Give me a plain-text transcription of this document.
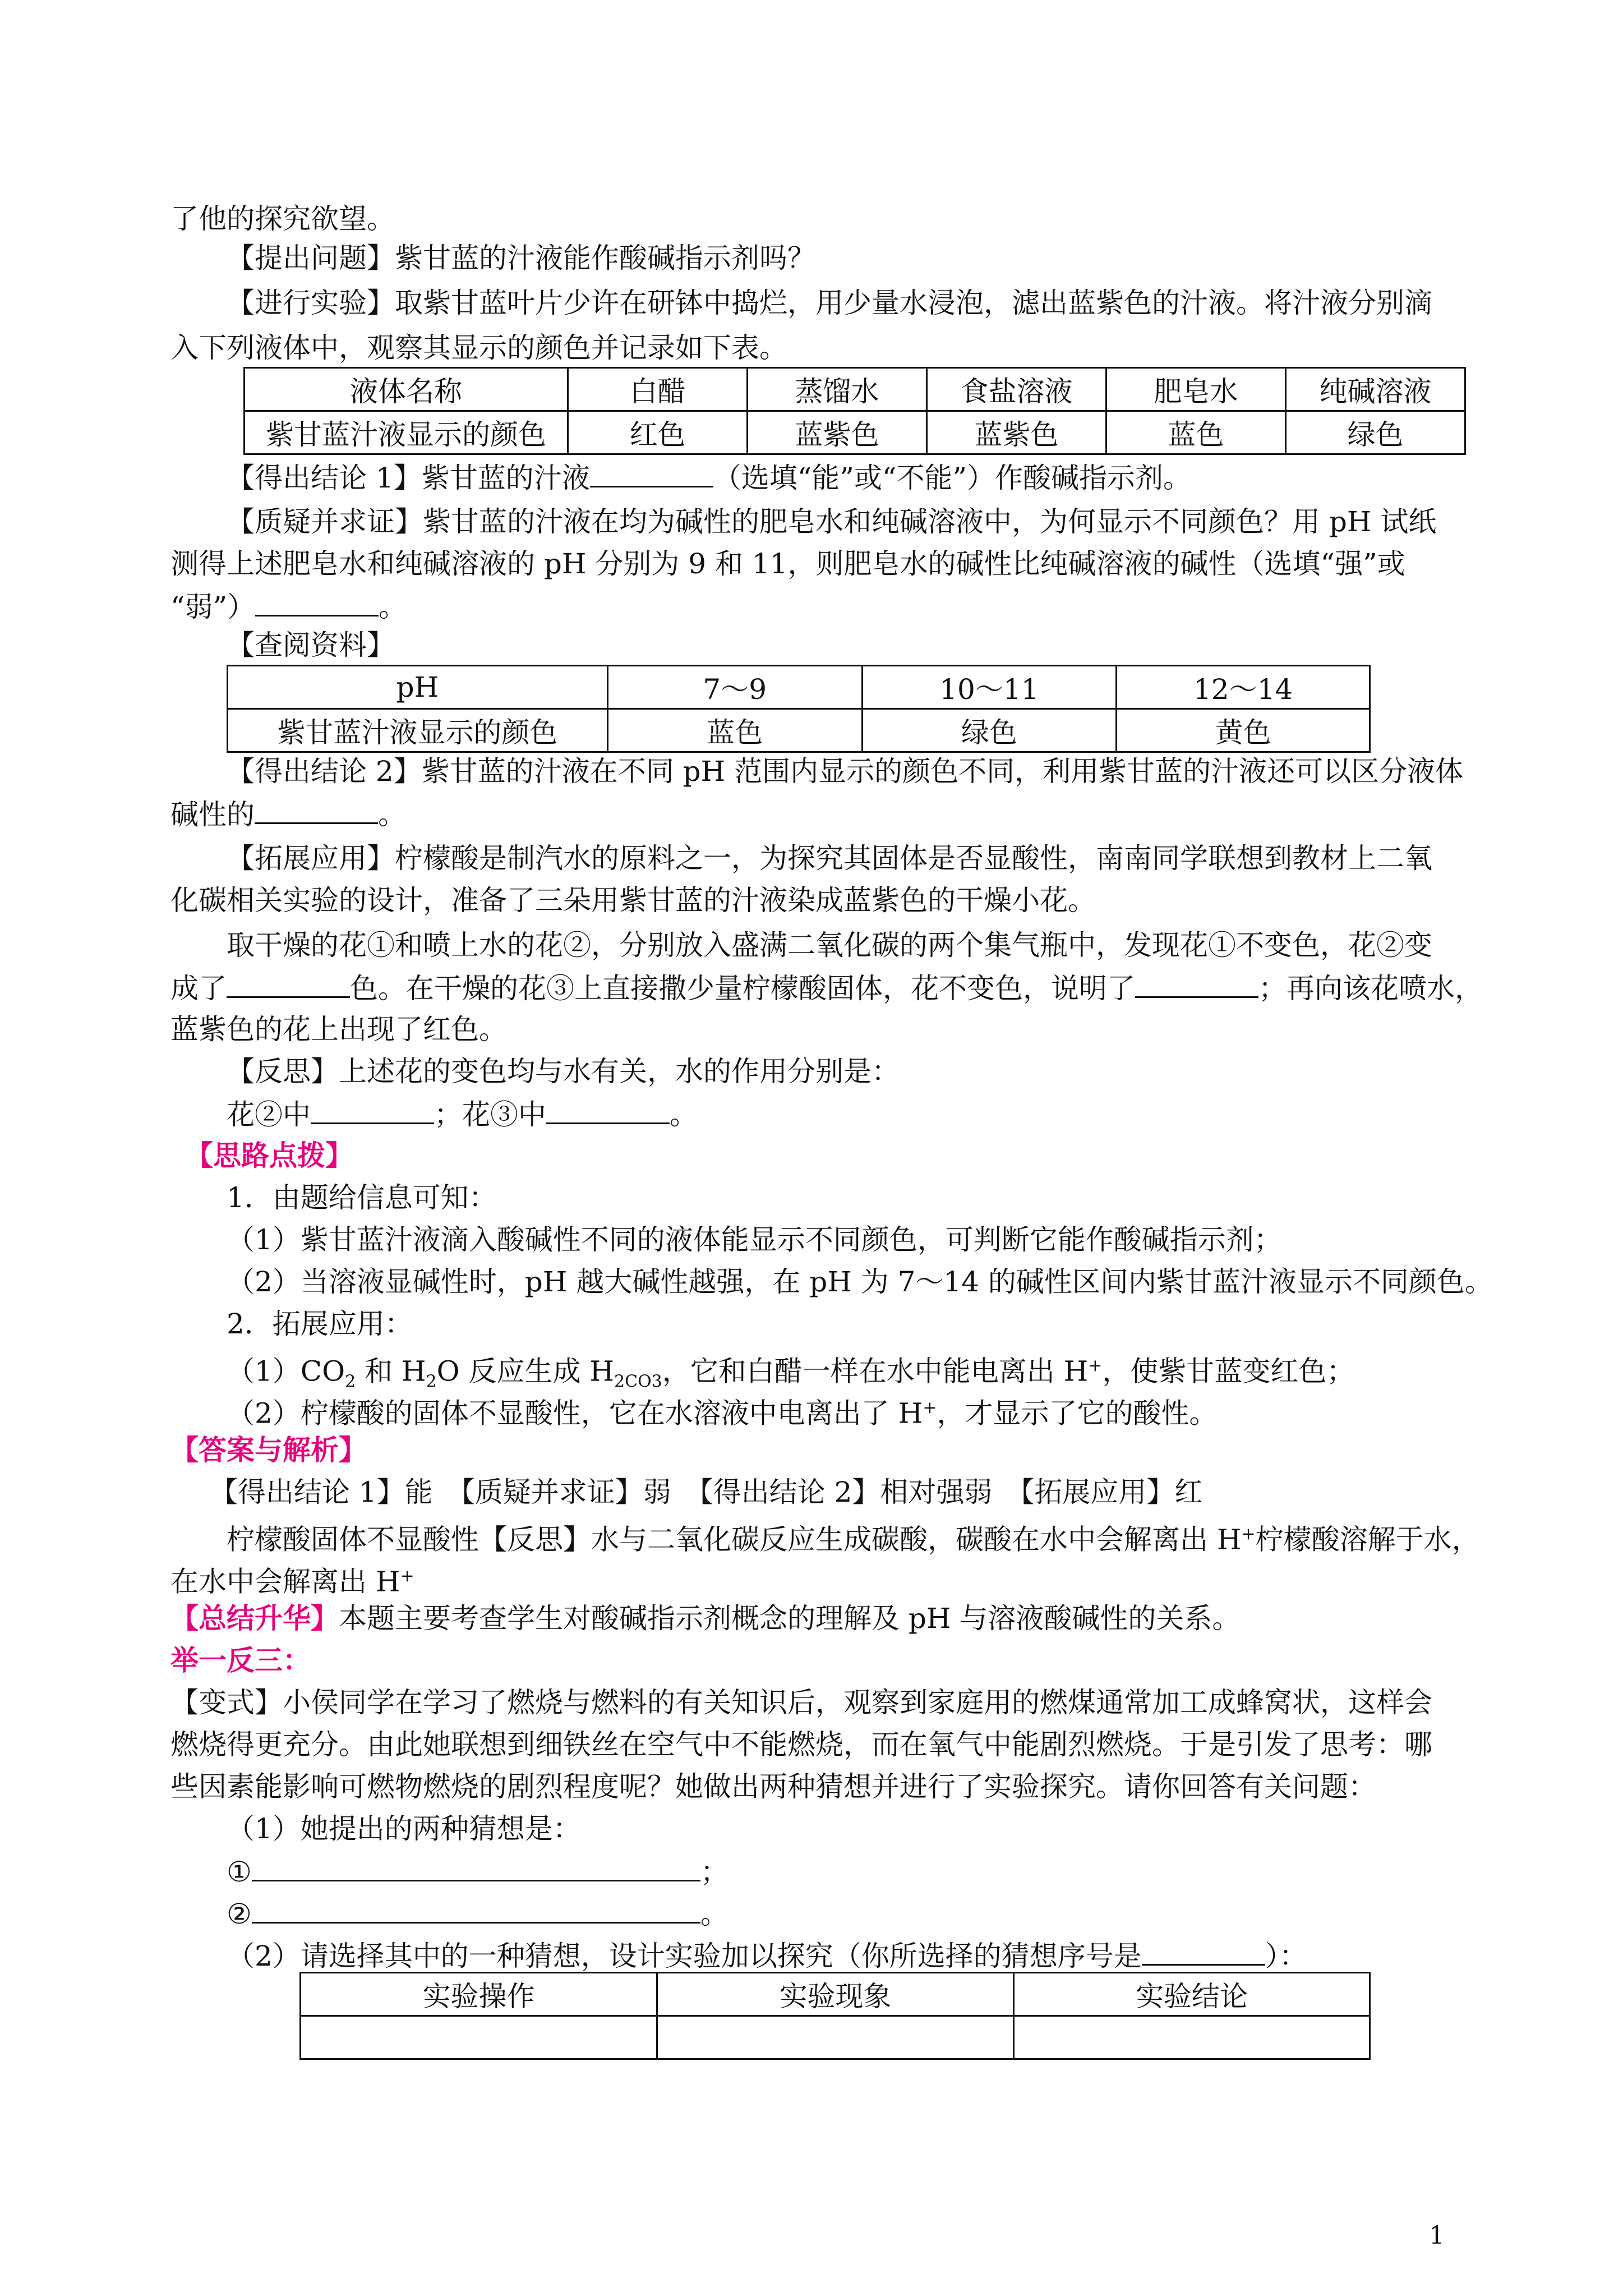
了他的探究欲望。
【提出问题】紫甘蓝的汁液能作酸碱指示剂吗？
【进行实验】取紫甘蓝叶片少许在研钵中捣烂，用少量水浸泡，滤出蓝紫色的汁液。将汁液分别滴
入下列液体中，观察其显示的颜色并记录如下表。
液体名称	白醋	蒸馏水	食盐溶液	肥皂水	纯碱溶液
紫甘蓝汁液显示的颜色	红色	蓝紫色	蓝紫色	蓝色	绿色
【得出结论 1】紫甘蓝的汁液	（选填“能”或“不能”）作酸碱指示剂。
【质疑并求证】紫甘蓝的汁液在均为碱性的肥皂水和纯碱溶液中，为何显示不同颜色？用 pH 试纸
测得上述肥皂水和纯碱溶液的 pH 分别为 9 和 11，则肥皂水的碱性比纯碱溶液的碱性（选填“强”或
“弱”）	。
【查阅资料】
pH	7～9	10～11	12～14
紫甘蓝汁液显示的颜色	蓝色	绿色	黄色
【得出结论 2】紫甘蓝的汁液在不同 pH 范围内显示的颜色不同，利用紫甘蓝的汁液还可以区分液体
碱性的	。
【拓展应用】柠檬酸是制汽水的原料之一，为探究其固体是否显酸性，南南同学联想到教材上二氧
化碳相关实验的设计，准备了三朵用紫甘蓝的汁液染成蓝紫色的干燥小花。
取干燥的花①和喷上水的花②，分别放入盛满二氧化碳的两个集气瓶中，发现花①不变色，花②变
成了	色。在干燥的花③上直接撒少量柠檬酸固体，花不变色，说明了	；再向该花喷水，
蓝紫色的花上出现了红色。
【反思】上述花的变色均与水有关，水的作用分别是：
花②中	；花③中	。
【思路点拨】
1．由题给信息可知：
（1）紫甘蓝汁液滴入酸碱性不同的液体能显示不同颜色，可判断它能作酸碱指示剂；
（2）当溶液显碱性时，pH 越大碱性越强，在 pH 为 7～14 的碱性区间内紫甘蓝汁液显示不同颜色。
2．拓展应用：
$(1)CO_2$ 和 $H_2O$ 反应生成 $H_{2CO3}$，它和白醋一样在水中能电离出 H+，使紫甘蓝变红色；
（2）柠檬酸的固体不显酸性，它在水溶液中电离出了 H+，才显示了它的酸性。
【答案与解析】
【得出结论 1】能　【质疑并求证】弱　【得出结论 2】相对强弱　【拓展应用】红
柠檬酸固体不显酸性【反思】水与二氧化碳反应生成碳酸，碳酸在水中会解离出 H+柠檬酸溶解于水，
在水中会解离出 H+
【总结升华】本题主要考查学生对酸碱指示剂概念的理解及 pH 与溶液酸碱性的关系。
举一反三：
【变式】小侯同学在学习了燃烧与燃料的有关知识后，观察到家庭用的燃煤通常加工成蜂窝状，这样会
燃烧得更充分。由此她联想到细铁丝在空气中不能燃烧，而在氧气中能剧烈燃烧。于是引发了思考：哪
些因素能影响可燃物燃烧的剧烈程度呢？她做出两种猜想并进行了实验探究。请你回答有关问题：
（1）她提出的两种猜想是：
①	；
②	。
（2）请选择其中的一种猜想，设计实验加以探究（你所选择的猜想序号是	）：
实验操作	实验现象	实验结论

1
